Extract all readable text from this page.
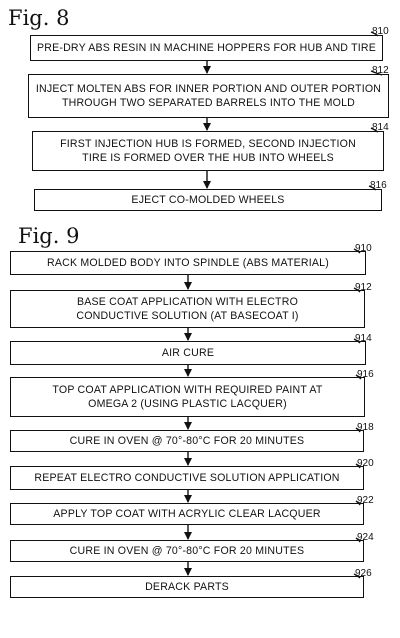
Fig. 8
PRE-DRY ABS RESIN IN MACHINE HOPPERS FOR HUB AND TIRE
810
INJECT MOLTEN ABS FOR INNER PORTION AND OUTER PORTION THROUGH TWO SEPARATED BARRELS INTO THE MOLD
812
FIRST INJECTION HUB IS FORMED, SECOND INJECTION TIRE IS FORMED OVER THE HUB INTO WHEELS
814
EJECT CO-MOLDED WHEELS
816
Fig. 9
RACK MOLDED BODY INTO SPINDLE (ABS MATERIAL)
910
BASE COAT APPLICATION WITH ELECTRO CONDUCTIVE SOLUTION (AT BASECOAT I)
912
AIR CURE
914
TOP COAT APPLICATION WITH REQUIRED PAINT AT OMEGA 2 (USING PLASTIC LACQUER)
916
CURE IN OVEN @ 70°-80°C FOR 20 MINUTES
918
REPEAT ELECTRO CONDUCTIVE SOLUTION APPLICATION
920
APPLY TOP COAT WITH ACRYLIC CLEAR LACQUER
922
CURE IN OVEN @ 70°-80°C FOR 20 MINUTES
924
DERACK PARTS
926
